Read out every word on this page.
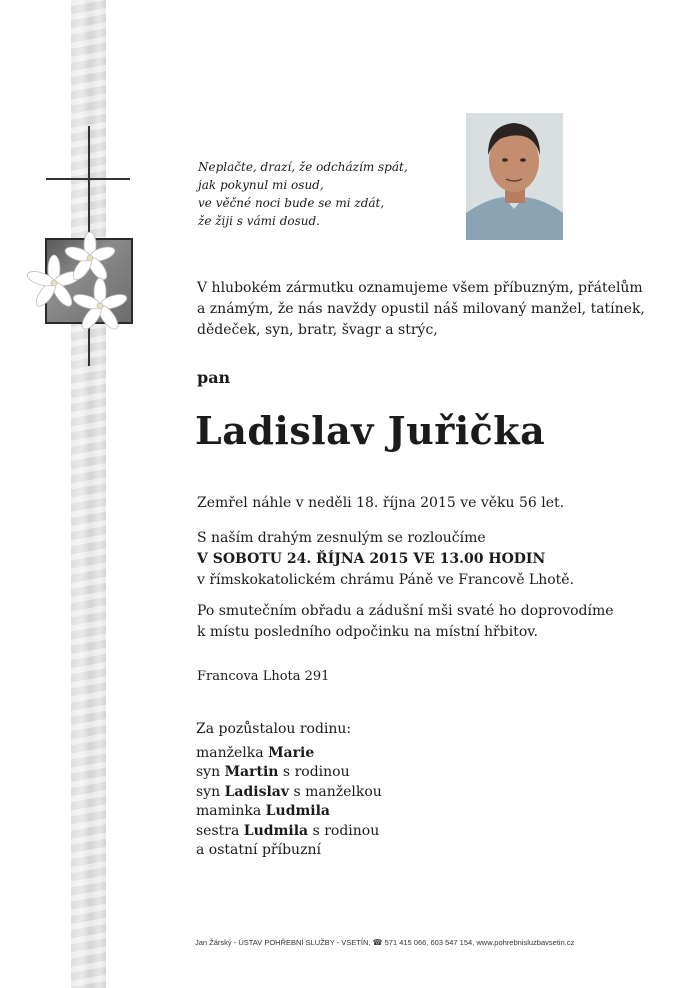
Neplačte, drazí, že odcházím spát,
jak pokynul mi osud,
ve věčné noci bude se mi zdát,
že žiji s vámi dosud.
V hlubokém zármutku oznamujeme všem příbuzným, přátelům
a známým, že nás navždy opustil náš milovaný manžel, tatínek,
dědeček, syn, bratr, švagr a strýc,
pan
Ladislav Juřička
Zemřel náhle v neděli 18. října 2015 ve věku 56 let.
S naším drahým zesnulým se rozloučíme
V SOBOTU 24. ŘÍJNA 2015 VE 13.00 HODIN
v římskokatolickém chrámu Páně ve Francově Lhotě.
Po smutečním obřadu a zádušní mši svaté ho doprovodíme
k místu posledního odpočinku na místní hřbitov.
Francova Lhota 291
Za pozůstalou rodinu:
manželka Marie
syn Martin s rodinou
syn Ladislav s manželkou
maminka Ludmila
sestra Ludmila s rodinou
a ostatní příbuzní
Jan Žárský - ÚSTAV POHŘEBNÍ SLUŽBY - VSETÍN, ☎ 571 415 066, 603 547 154, www.pohrebnisluzbavsetin.cz
